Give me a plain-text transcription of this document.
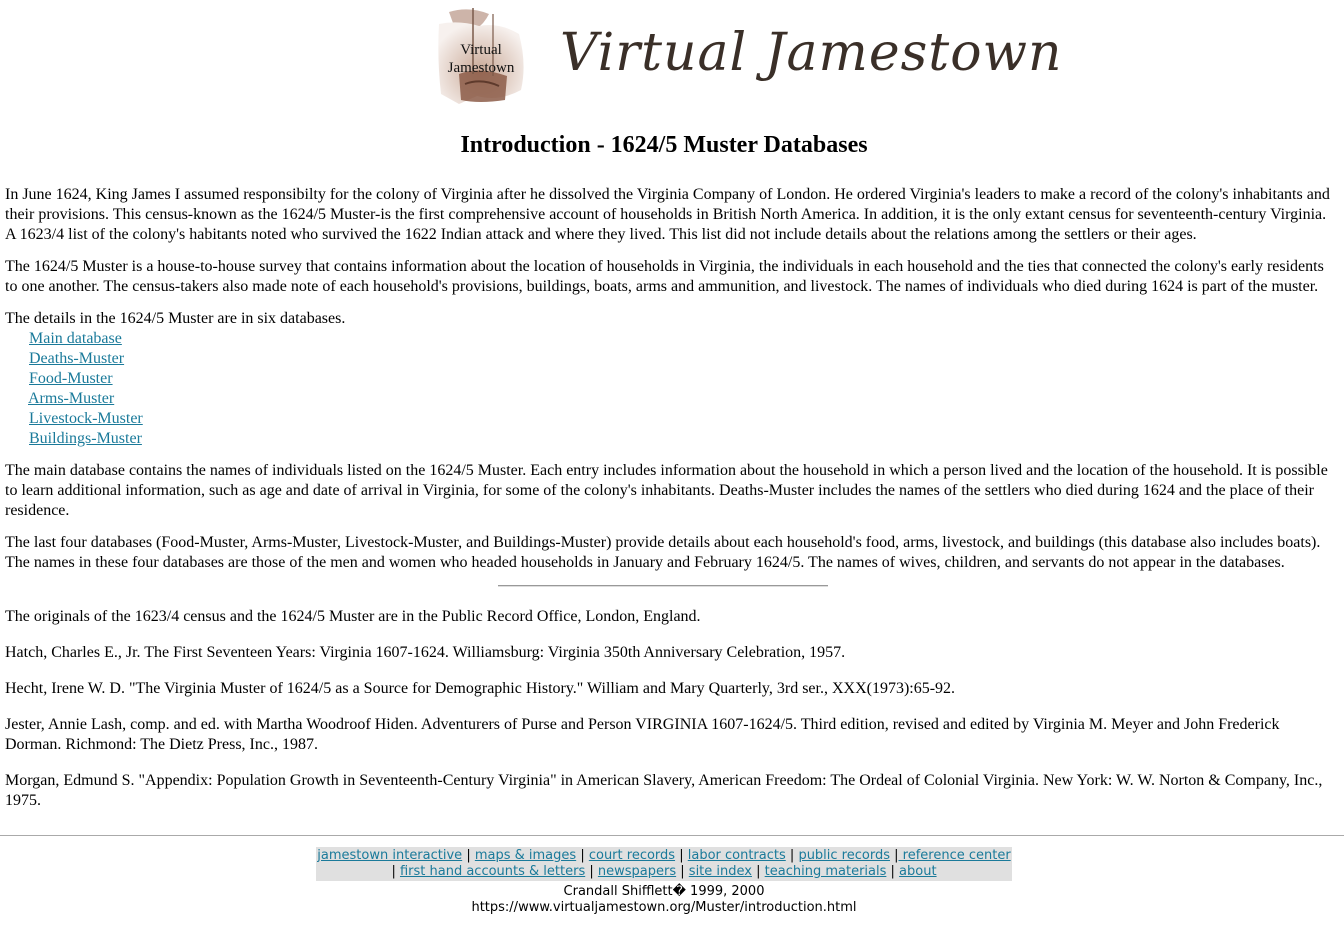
Virtual
Jamestown Virtual Jamestown
Introduction - 1624/5 Muster Databases

In June 1624, King James I assumed responsibilty for the colony of Virginia after he dissolved the Virginia Company of London. He ordered Virginia's leaders to make a record of the colony's inhabitants and their provisions. This census-known as the 1624/5 Muster-is the first comprehensive account of households in British North America. In addition, it is the only extant census for seventeenth-century Virginia. A 1623/4 list of the colony's habitants noted who survived the 1622 Indian attack and where they lived. This list did not include details about the relations among the settlers or their ages.

The 1624/5 Muster is a house-to-house survey that contains information about the location of households in Virginia, the individuals in each household and the ties that connected the colony's early residents to one another. The census-takers also made note of each household's provisions, buildings, boats, arms and ammunition, and livestock. The names of individuals who died during 1624 is part of the muster.

The details in the 1624/5 Muster are in six databases.

Main database
Deaths-Muster
Food-Muster
Arms-Muster
Livestock-Muster
Buildings-Muster

The main database contains the names of individuals listed on the 1624/5 Muster. Each entry includes information about the household in which a person lived and the location of the household. It is possible to learn additional information, such as age and date of arrival in Virginia, for some of the colony's inhabitants. Deaths-Muster includes the names of the settlers who died during 1624 and the place of their residence.

The last four databases (Food-Muster, Arms-Muster, Livestock-Muster, and Buildings-Muster) provide details about each household's food, arms, livestock, and buildings (this database also includes boats). The names in these four databases are those of the men and women who headed households in January and February 1624/5. The names of wives, children, and servants do not appear in the databases.

The originals of the 1623/4 census and the 1624/5 Muster are in the Public Record Office, London, England.

Hatch, Charles E., Jr. The First Seventeen Years: Virginia 1607-1624. Williamsburg: Virginia 350th Anniversary Celebration, 1957.

Hecht, Irene W. D. "The Virginia Muster of 1624/5 as a Source for Demographic History." William and Mary Quarterly, 3rd ser., XXX(1973):65-92.

Jester, Annie Lash, comp. and ed. with Martha Woodroof Hiden. Adventurers of Purse and Person VIRGINIA 1607-1624/5. Third edition, revised and edited by Virginia M. Meyer and John Frederick Dorman. Richmond: The Dietz Press, Inc., 1987.

Morgan, Edmund S. "Appendix: Population Growth in Seventeenth-Century Virginia" in American Slavery, American Freedom: The Ordeal of Colonial Virginia. New York: W. W. Norton & Company, Inc., 1975.

jamestown interactive | maps & images | court records | labor contracts | public records | reference center | first hand accounts & letters | newspapers | site index | teaching materials | about
Crandall Shifflett� 1999, 2000
https://www.virtualjamestown.org/Muster/introduction.html
